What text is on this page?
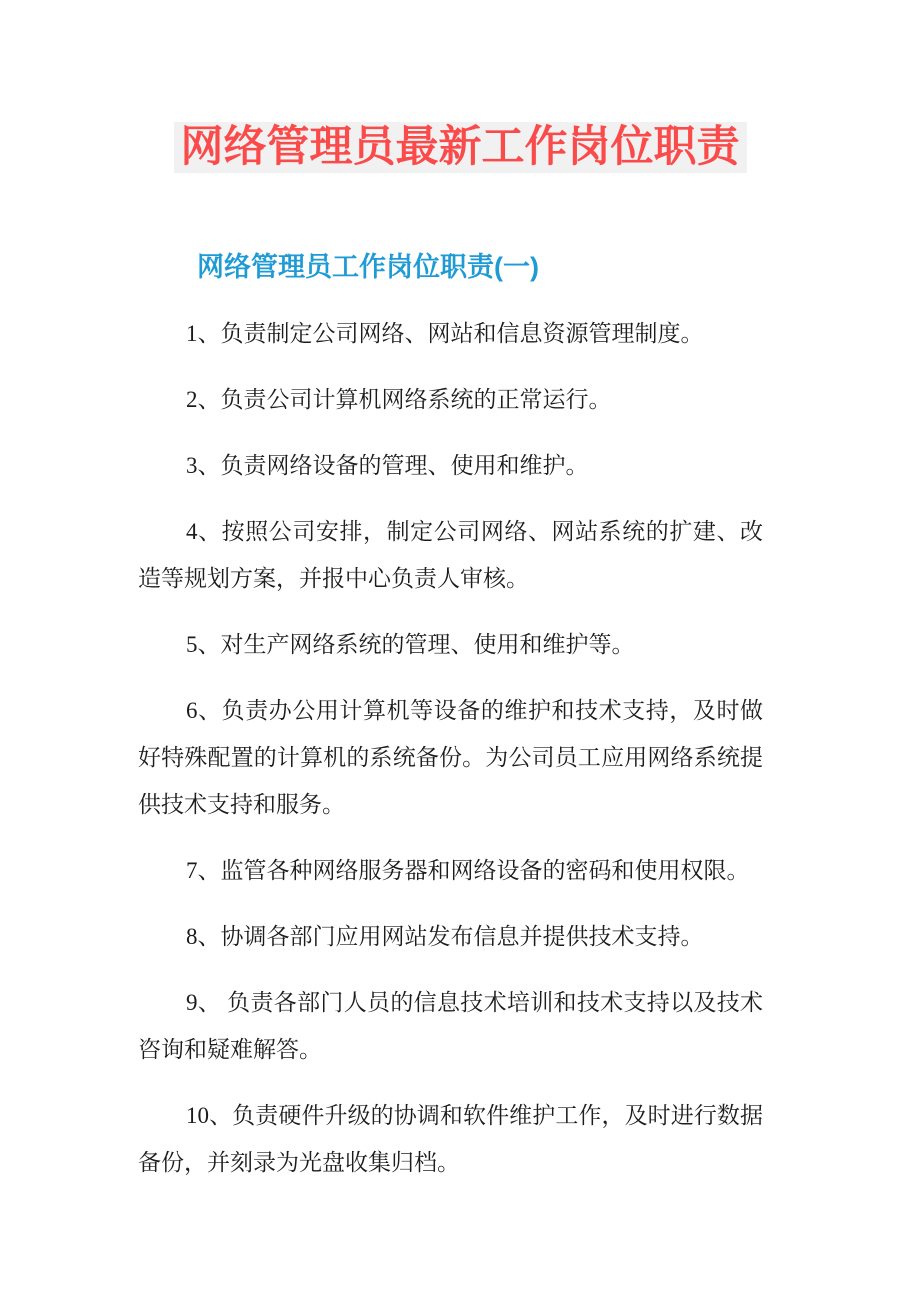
网络管理员最新工作岗位职责
网络管理员工作岗位职责(一)

1、负责制定公司网络、网站和信息资源管理制度。

2、负责公司计算机网络系统的正常运行。

3、负责网络设备的管理、使用和维护。

4、按照公司安排，制定公司网络、网站系统的扩建、改造等规划方案，并报中心负责人审核。

5、对生产网络系统的管理、使用和维护等。

6、负责办公用计算机等设备的维护和技术支持，及时做好特殊配置的计算机的系统备份。为公司员工应用网络系统提供技术支持和服务。

7、监管各种网络服务器和网络设备的密码和使用权限。

8、协调各部门应用网站发布信息并提供技术支持。

9、 负责各部门人员的信息技术培训和技术支持以及技术咨询和疑难解答。

10、负责硬件升级的协调和软件维护工作，及时进行数据备份，并刻录为光盘收集归档。
